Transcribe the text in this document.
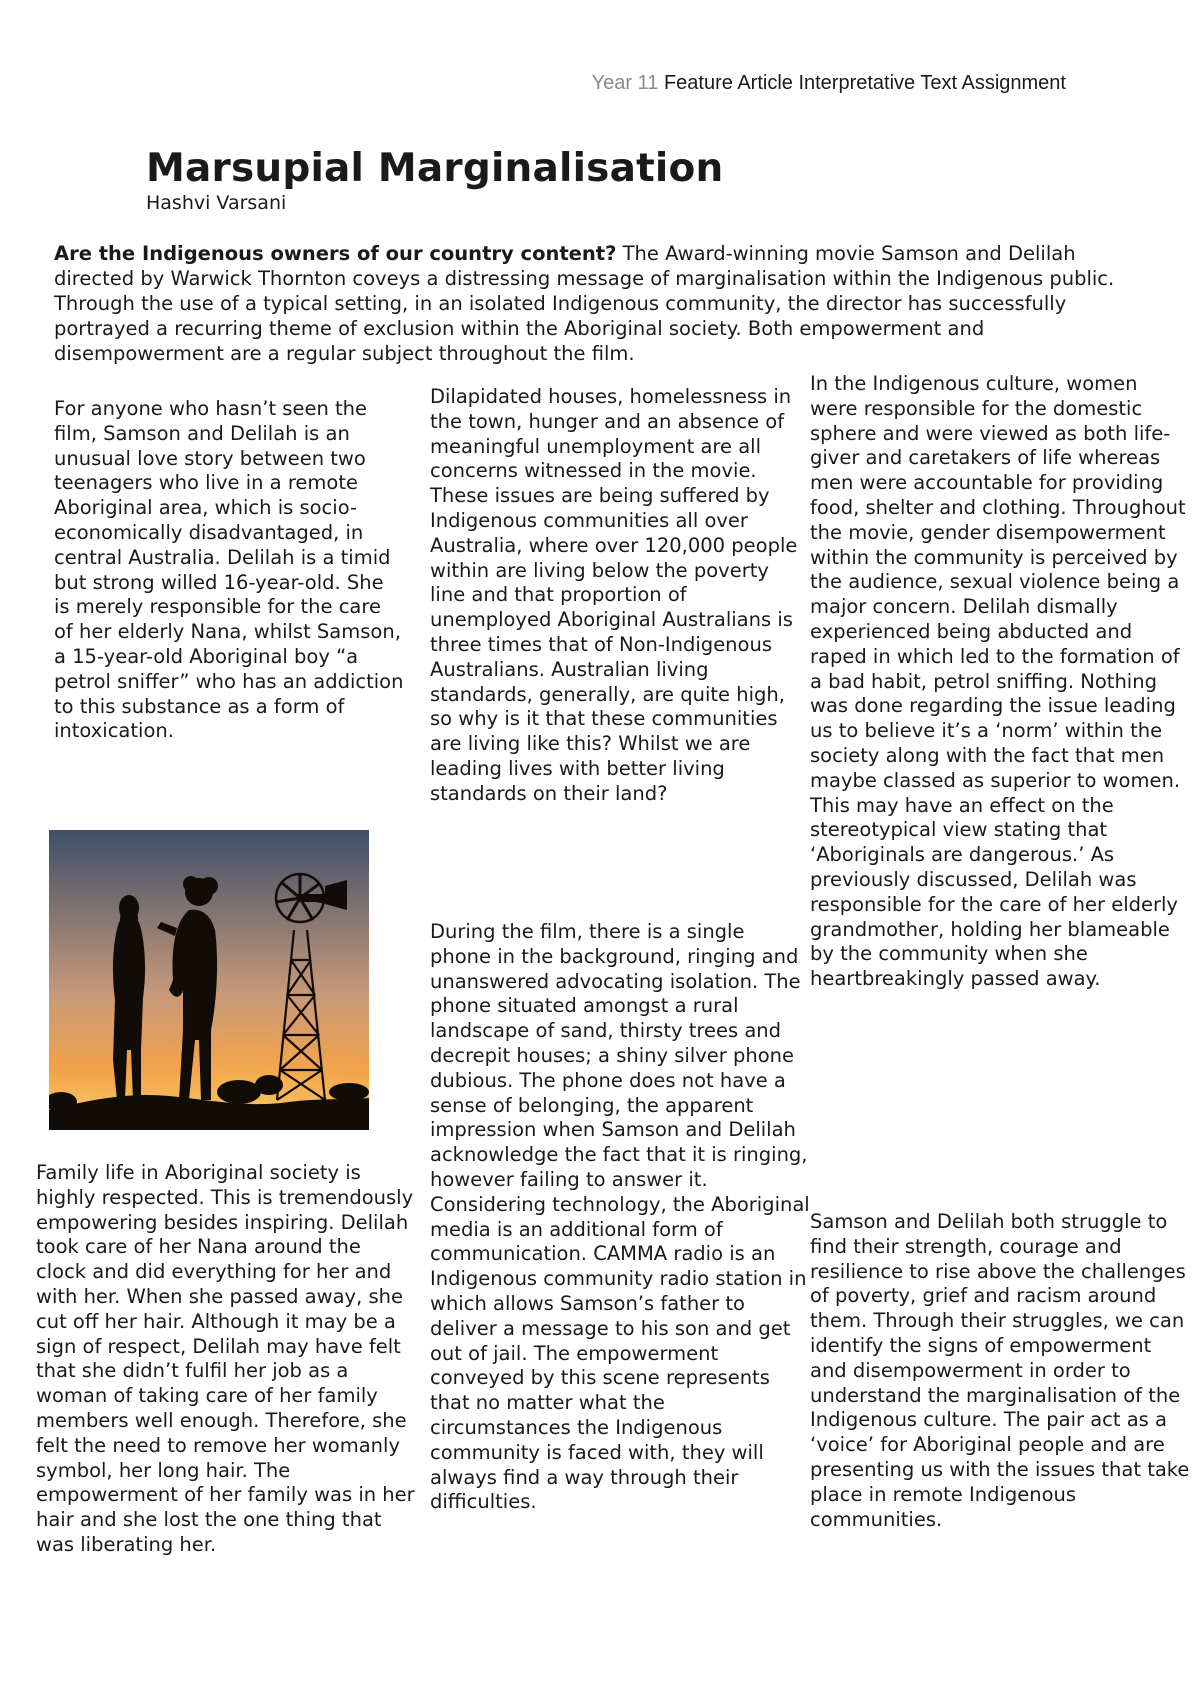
Year 11 Feature Article Interpretative Text Assignment
Marsupial Marginalisation
Hashvi Varsani

Are the Indigenous owners of our country content? The Award-winning movie Samson and Delilah directed by Warwick Thornton coveys a distressing message of marginalisation within the Indigenous public. Through the use of a typical setting, in an isolated Indigenous community, the director has successfully portrayed a recurring theme of exclusion within the Aboriginal society. Both empowerment and disempowerment are a regular subject throughout the film.

For anyone who hasn’t seen the film, Samson and Delilah is an unusual love story between two teenagers who live in a remote Aboriginal area, which is socio-economically disadvantaged, in central Australia. Delilah is a timid but strong willed 16-year-old. She is merely responsible for the care of her elderly Nana, whilst Samson, a 15-year-old Aboriginal boy “a petrol sniffer” who has an addiction to this substance as a form of intoxication.

Family life in Aboriginal society is highly respected. This is tremendously empowering besides inspiring. Delilah took care of her Nana around the clock and did everything for her and with her. When she passed away, she cut off her hair. Although it may be a sign of respect, Delilah may have felt that she didn’t fulfil her job as a woman of taking care of her family members well enough. Therefore, she felt the need to remove her womanly symbol, her long hair. The empowerment of her family was in her hair and she lost the one thing that was liberating her.

Dilapidated houses, homelessness in the town, hunger and an absence of meaningful unemployment are all concerns witnessed in the movie.

These issues are being suffered by Indigenous communities all over Australia, where over 120,000 people within are living below the poverty line and that proportion of unemployed Aboriginal Australians is three times that of Non-Indigenous Australians. Australian living standards, generally, are quite high, so why is it that these communities are living like this? Whilst we are leading lives with better living standards on their land?

During the film, there is a single phone in the background, ringing and unanswered advocating isolation. The phone situated amongst a rural landscape of sand, thirsty trees and decrepit houses; a shiny silver phone dubious. The phone does not have a sense of belonging, the apparent impression when Samson and Delilah acknowledge the fact that it is ringing, however failing to answer it. Considering technology, the Aboriginal media is an additional form of communication. CAMMA radio is an Indigenous community radio station in which allows Samson’s father to deliver a message to his son and get out of jail. The empowerment conveyed by this scene represents that no matter what the circumstances the Indigenous community is faced with, they will always find a way through their difficulties.

In the Indigenous culture, women were responsible for the domestic sphere and were viewed as both life-giver and caretakers of life whereas men were accountable for providing food, shelter and clothing. Throughout the movie, gender disempowerment within the community is perceived by the audience, sexual violence being a major concern. Delilah dismally experienced being abducted and raped in which led to the formation of a bad habit, petrol sniffing. Nothing was done regarding the issue leading us to believe it’s a ‘norm’ within the society along with the fact that men maybe classed as superior to women. This may have an effect on the stereotypical view stating that ‘Aboriginals are dangerous.’ As previously discussed, Delilah was responsible for the care of her elderly grandmother, holding her blameable by the community when she heartbreakingly passed away.

Samson and Delilah both struggle to find their strength, courage and resilience to rise above the challenges of poverty, grief and racism around them. Through their struggles, we can identify the signs of empowerment and disempowerment in order to understand the marginalisation of the Indigenous culture. The pair act as a ‘voice’ for Aboriginal people and are presenting us with the issues that take place in remote Indigenous communities.
